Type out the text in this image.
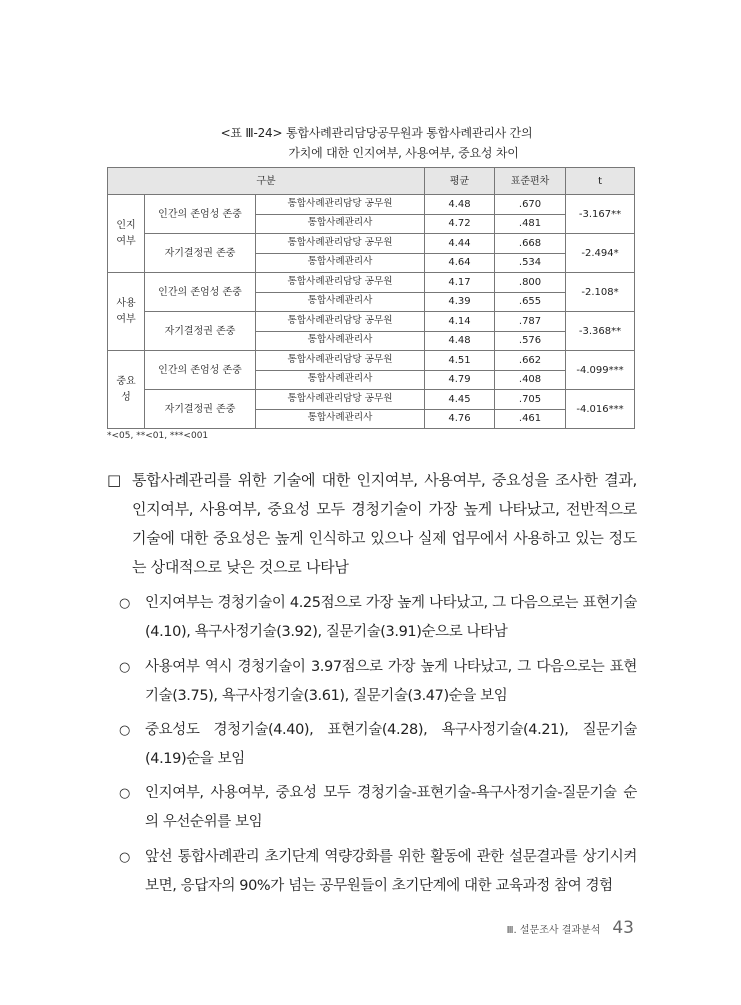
<표 Ⅲ-24> 통합사례관리담당공무원과 통합사례관리사 간의
가치에 대한 인지여부, 사용여부, 중요성 차이
구분			평균	표준편차	t
인지
여부	인간의 존엄성 존중	통합사례관리담당 공무원	4.48	.670	-3.167**
		통합사례관리사	4.72	.481	
	자기결정권 존중	통합사례관리담당 공무원	4.44	.668	-2.494*
		통합사례관리사	4.64	.534	
사용
여부	인간의 존엄성 존중	통합사례관리담당 공무원	4.17	.800	-2.108*
		통합사례관리사	4.39	.655	
	자기결정권 존중	통합사례관리담당 공무원	4.14	.787	-3.368**
		통합사례관리사	4.48	.576	
중요
성	인간의 존엄성 존중	통합사례관리담당 공무원	4.51	.662	-4.099***
		통합사례관리사	4.79	.408	
	자기결정권 존중	통합사례관리담당 공무원	4.45	.705	-4.016***
		통합사례관리사	4.76	.461	
*<05, **<01, ***<001
□ 통합사례관리를 위한 기술에 대한 인지여부, 사용여부, 중요성을 조사한 결과, 인지여부, 사용여부, 중요성 모두 경청기술이 가장 높게 나타났고, 전반적으로 기술에 대한 중요성은 높게 인식하고 있으나 실제 업무에서 사용하고 있는 정도는 상대적으로 낮은 것으로 나타남
○ 인지여부는 경청기술이 4.25점으로 가장 높게 나타났고, 그 다음으로는 표현기술(4.10), 욕구사정기술(3.92), 질문기술(3.91)순으로 나타남
○ 사용여부 역시 경청기술이 3.97점으로 가장 높게 나타났고, 그 다음으로는 표현기술(3.75), 욕구사정기술(3.61), 질문기술(3.47)순을 보임
○ 중요성도 경청기술(4.40), 표현기술(4.28), 욕구사정기술(4.21), 질문기술(4.19)순을 보임
○ 인지여부, 사용여부, 중요성 모두 경청기술-표현기술-욕구사정기술-질문기술 순의 우선순위를 보임
○ 앞선 통합사례관리 초기단계 역량강화를 위한 활동에 관한 설문결과를 상기시켜보면, 응답자의 90%가 넘는 공무원들이 초기단계에 대한 교육과정 참여 경험
Ⅲ. 설문조사 결과분석 43
